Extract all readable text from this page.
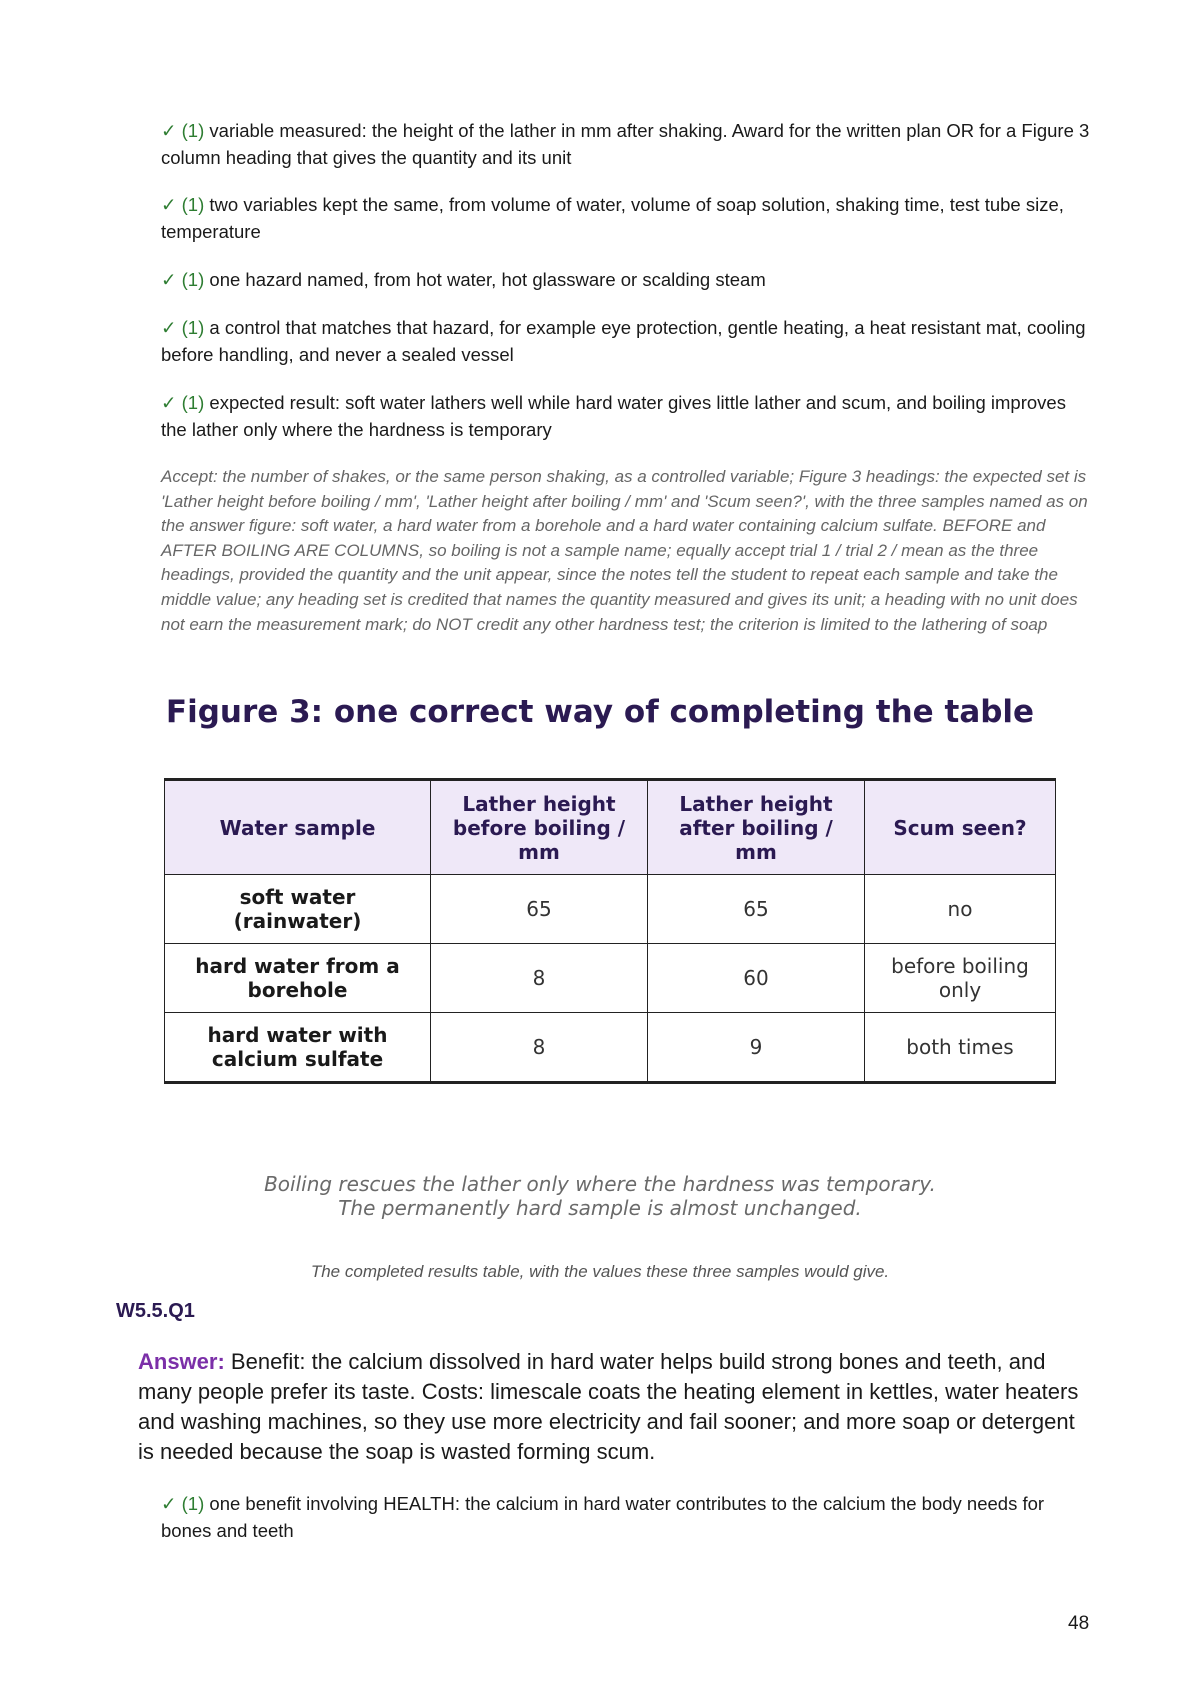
✓ (1) variable measured: the height of the lather in mm after shaking. Award for the written plan OR for a Figure 3 column heading that gives the quantity and its unit
✓ (1) two variables kept the same, from volume of water, volume of soap solution, shaking time, test tube size, temperature
✓ (1) one hazard named, from hot water, hot glassware or scalding steam
✓ (1) a control that matches that hazard, for example eye protection, gentle heating, a heat resistant mat, cooling before handling, and never a sealed vessel
✓ (1) expected result: soft water lathers well while hard water gives little lather and scum, and boiling improves the lather only where the hardness is temporary
Accept: the number of shakes, or the same person shaking, as a controlled variable; Figure 3 headings: the expected set is 'Lather height before boiling / mm', 'Lather height after boiling / mm' and 'Scum seen?', with the three samples named as on the answer figure: soft water, a hard water from a borehole and a hard water containing calcium sulfate. BEFORE and AFTER BOILING ARE COLUMNS, so boiling is not a sample name; equally accept trial 1 / trial 2 / mean as the three headings, provided the quantity and the unit appear, since the notes tell the student to repeat each sample and take the middle value; any heading set is credited that names the quantity measured and gives its unit; a heading with no unit does not earn the measurement mark; do NOT credit any other hardness test; the criterion is limited to the lathering of soap
Figure 3: one correct way of completing the table
Water sample	Lather height before boiling / mm	Lather height after boiling / mm	Scum seen?
soft water (rainwater)	65	65	no
hard water from a borehole	8	60	before boiling only
hard water with calcium sulfate	8	9	both times
Boiling rescues the lather only where the hardness was temporary.
The permanently hard sample is almost unchanged.
The completed results table, with the values these three samples would give.
W5.5.Q1
Answer: Benefit: the calcium dissolved in hard water helps build strong bones and teeth, and many people prefer its taste. Costs: limescale coats the heating element in kettles, water heaters and washing machines, so they use more electricity and fail sooner; and more soap or detergent is needed because the soap is wasted forming scum.
✓ (1) one benefit involving HEALTH: the calcium in hard water contributes to the calcium the body needs for bones and teeth
48
